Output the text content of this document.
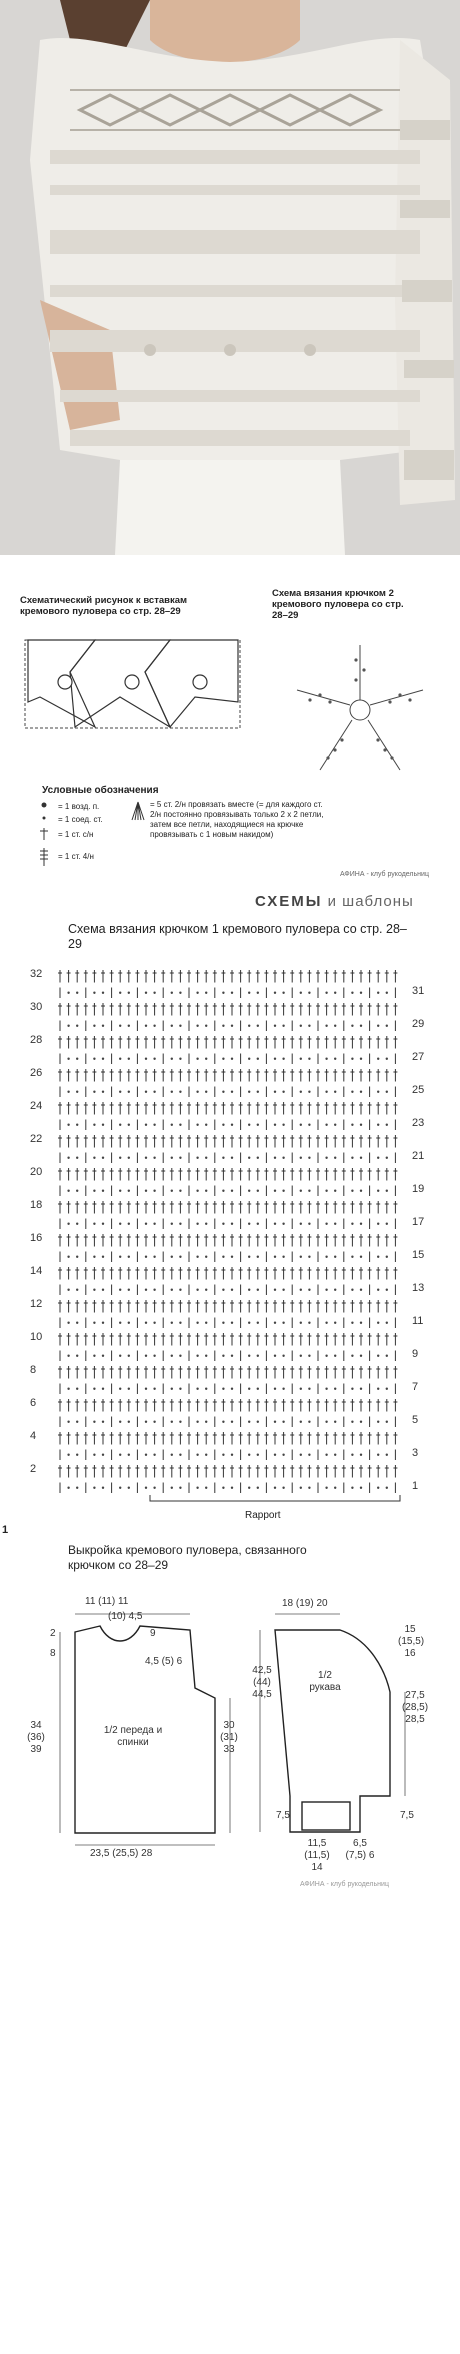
Схематический рисунок к вставкам кремового пуловера со стр. 28–29
Схема вязания крючком 2 кремового пуловера со стр. 28–29
Условные обозначения
= 1 возд. п.
= 1 соед. ст.
= 1 ст. с/н
= 1 ст. 4/н
= 5 ст. 2/н провязать вместе (= для каждого ст. 2/н постоянно провязывать только 2 х 2 петли, затем все петли, находящиеся на крючке провязывать с 1 новым накидом)
АФИНА - клуб рукодельниц
СХЕМЫ и шаблоны
Схема вязания крючком 1 кремового пуловера со стр. 28–29
32
30
28
26
24
22
20
18
16
14
12
10
8
6
4
2
31
29
27
25
23
21
19
17
15
13
11
9
7
5
3
1
Rapport
1
Выкройка кремового пуловера, связанного крючком со 28–29
11 (11) 11
(10) 4,5
2
8
9
4,5 (5) 6
34 (36) 39
1/2 переда и спинки
30 (31) 33
23,5 (25,5) 28
18 (19) 20
15 (15,5) 16
42,5 (44) 44,5
1/2 рукава
27,5 (28,5) 28,5
7,5	7,5
11,5 (11,5) 14
6,5 (7,5) 6
АФИНА - клуб рукодельниц
